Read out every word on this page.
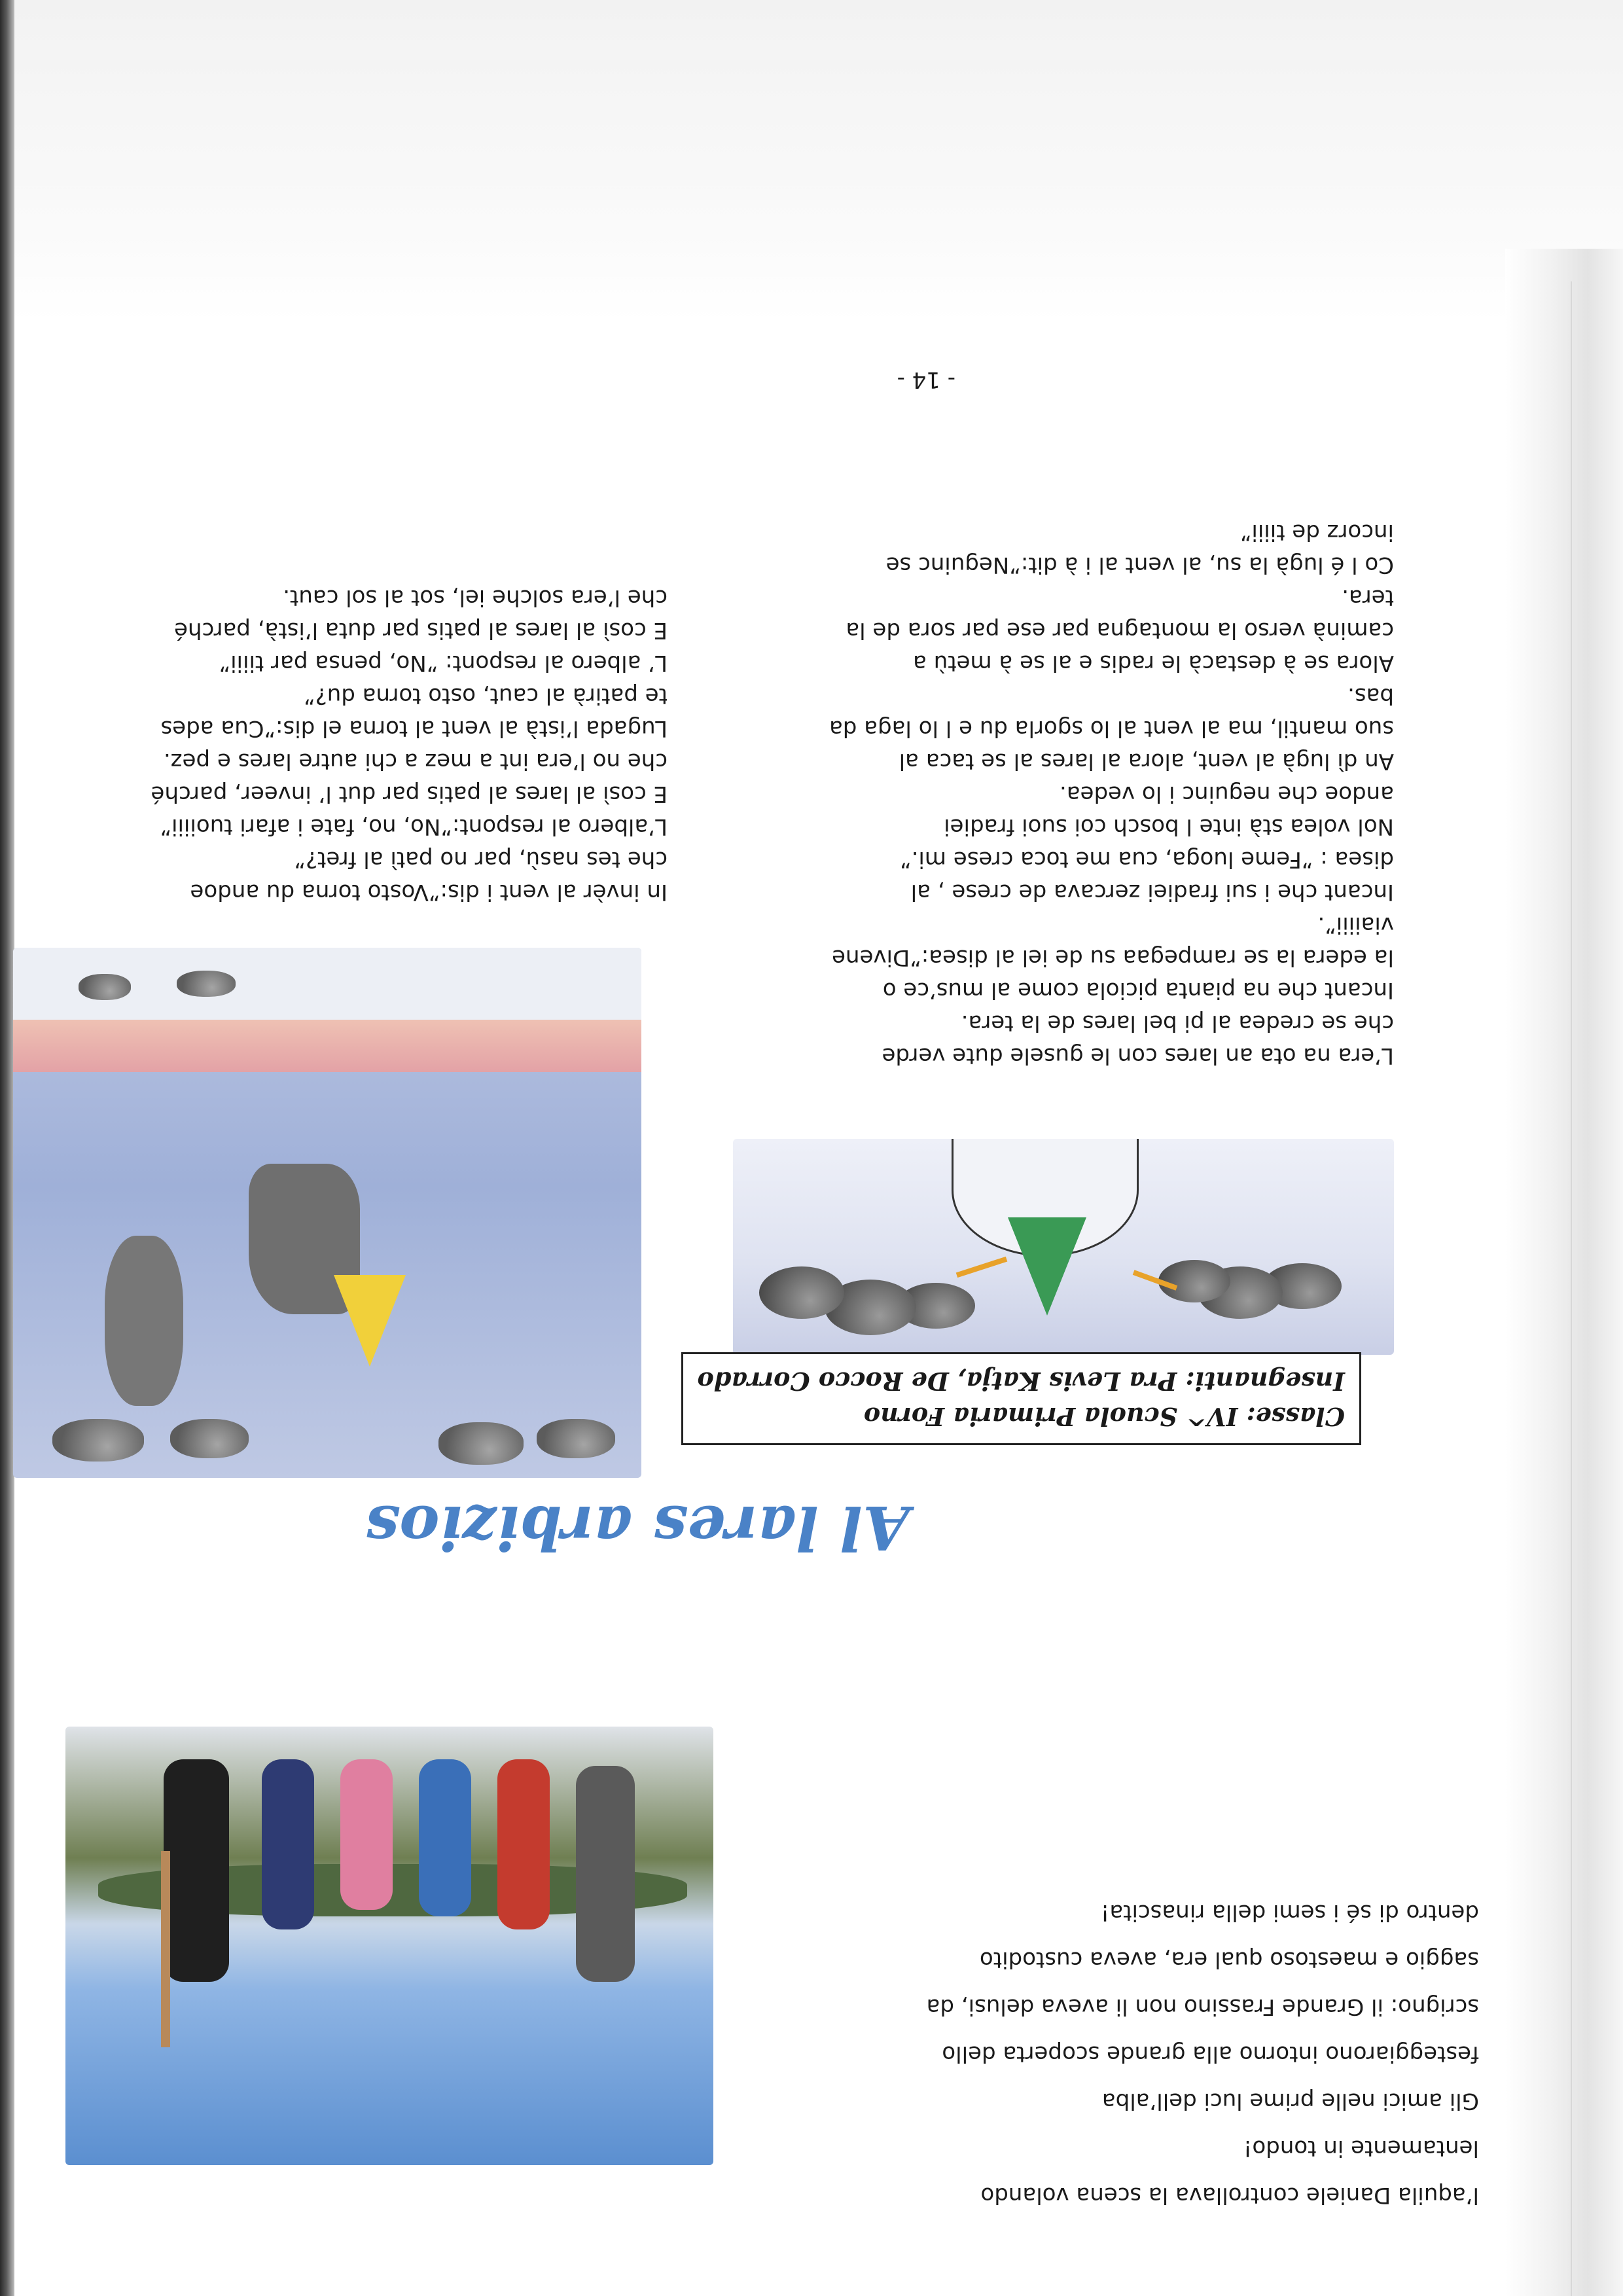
- 14 -
L’era na ota an lares con le gusele dute verde
che se credea al pi bel lares de la tera.
Incant che na pianta piciola come al mus’ce o
la edera la se rampegaa su de iel al disea:”Divene
viaiiii”.
Incant che i sui fradiei zercava de crese , al
disea : ”Feme luoga, cua me toca crese mi.”
Nol volea stà inte l bosch coi suoi fradiei
andoe che neguinc i lo vedea.
An dì lugà al vent, alora al lares al se taca al
suo mantil, ma al vent al lo sgorla du e l lo laga da
bas.
Alora se à destacà le radis e al se à metù a
caminà verso la montagna par ese par sora de la
tera.
Co l é lugà la su, al vent al i à dit:”Neguinc se
incorz de tiiii”
In invèr al vent i dis:”Vosto torna du andoe
che tes nasù, par no patì al fret?”
L’albero al respont:”No, no, fate i afari tuoiiii”
E così al lares al patis par dut l’ inveer, parché
che no l’era int a mez a chi autre lares e pez.
Lugada l’istà al vent al torna el dis:”Cua ades
te patirà al caut, osto torna du?”
L’ albero al respont: ”No, pensa par tiiii”
E così al lares al patis par duta l’istà, parché
che l’era solche iel, sot al sol caut.
Classe: IV^ Scuola Primaria Forno
Insegnanti: Pra Levis Katja, De Rocco Corrado
Al lares arbizios
l’aquila Daniele controllava la scena volando
lentamente in tondo!
Gli amici nelle prime luci dell’alba
festeggiarono intorno alla grande scoperta dello
scrigno: il Grande Frassino non li aveva delusi, da
saggio e maestoso qual era, aveva custodito
dentro di sé i semi della rinascita!
